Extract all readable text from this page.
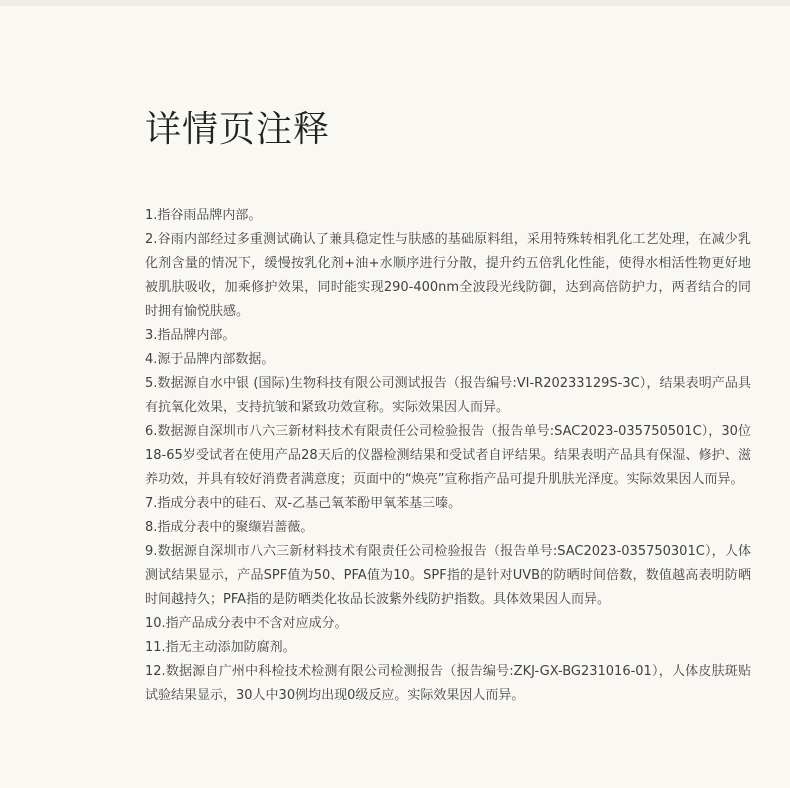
详情页注释
1.指谷雨品牌内部。
2.谷雨内部经过多重测试确认了兼具稳定性与肤感的基础原料组，采用特殊转相乳化工艺处理，在减少乳化剂含量的情况下，缓慢按乳化剂+油+水顺序进行分散，提升约五倍乳化性能，使得水相活性物更好地被肌肤吸收，加乘修护效果，同时能实现290-400nm全波段光线防御，达到高倍防护力，两者结合的同时拥有愉悦肤感。
3.指品牌内部。
4.源于品牌内部数据。
5.数据源自水中银 (国际)生物科技有限公司测试报告（报告编号:VI-R20233129S-3C），结果表明产品具有抗氧化效果，支持抗皱和紧致功效宣称。实际效果因人而异。
6.数据源自深圳市八六三新材料技术有限责任公司检验报告（报告单号:SAC2023-035750501C），30位18-65岁受试者在使用产品28天后的仪器检测结果和受试者自评结果。结果表明产品具有保湿、修护、滋养功效，并具有较好消费者满意度；页面中的“焕亮”宣称指产品可提升肌肤光泽度。实际效果因人而异。
7.指成分表中的硅石、双-乙基己氧苯酚甲氧苯基三嗪。
8.指成分表中的聚缬岩蔷薇。
9.数据源自深圳市八六三新材料技术有限责任公司检验报告（报告单号:SAC2023-035750301C），人体测试结果显示，产品SPF值为50、PFA值为10。SPF指的是针对UVB的防晒时间倍数，数值越高表明防晒时间越持久；PFA指的是防晒类化妆品长波紫外线防护指数。具体效果因人而异。
10.指产品成分表中不含对应成分。
11.指无主动添加防腐剂。
12.数据源自广州中科检技术检测有限公司检测报告（报告编号:ZKJ-GX-BG231016-01），人体皮肤斑贴试验结果显示，30人中30例均出现0级反应。实际效果因人而异。
